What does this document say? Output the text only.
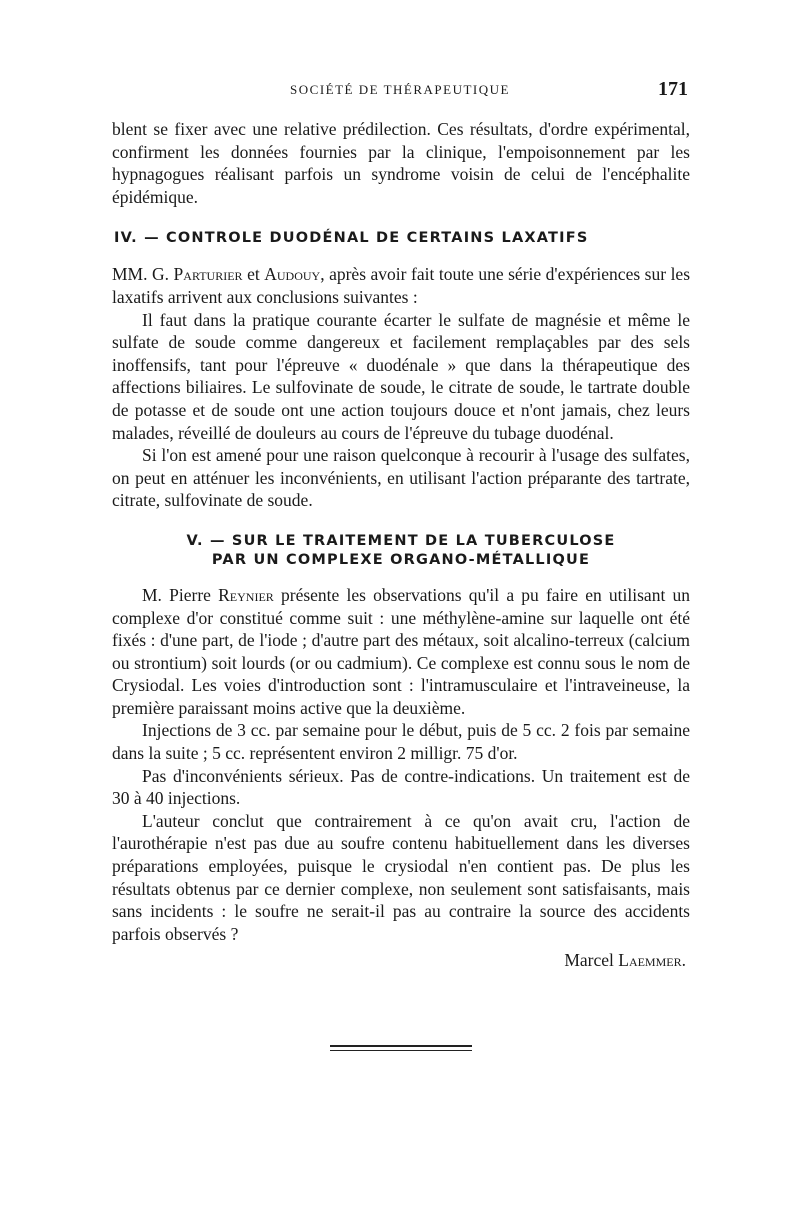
SOCIÉTÉ DE THÉRAPEUTIQUE	171

blent se fixer avec une relative prédilection. Ces résultats, d'ordre expérimental, confirment les données fournies par la clinique, l'empoisonnement par les hypnagogues réalisant parfois un syndrome voisin de celui de l'encéphalite épidémique.

IV. — CONTROLE DUODÉNAL DE CERTAINS LAXATIFS

MM. G. Parturier et Audouy, après avoir fait toute une série d'expériences sur les laxatifs arrivent aux conclusions suivantes :

Il faut dans la pratique courante écarter le sulfate de magnésie et même le sulfate de soude comme dangereux et facilement remplaçables par des sels inoffensifs, tant pour l'épreuve « duodénale » que dans la thérapeutique des affections biliaires. Le sulfovinate de soude, le citrate de soude, le tartrate double de potasse et de soude ont une action toujours douce et n'ont jamais, chez leurs malades, réveillé de douleurs au cours de l'épreuve du tubage duodénal.

Si l'on est amené pour une raison quelconque à recourir à l'usage des sulfates, on peut en atténuer les inconvénients, en utilisant l'action préparante des tartrate, citrate, sulfovinate de soude.

V. — SUR LE TRAITEMENT DE LA TUBERCULOSE
PAR UN COMPLEXE ORGANO-MÉTALLIQUE

M. Pierre Reynier présente les observations qu'il a pu faire en utilisant un complexe d'or constitué comme suit : une méthylène-amine sur laquelle ont été fixés : d'une part, de l'iode ; d'autre part des métaux, soit alcalino-terreux (calcium ou strontium) soit lourds (or ou cadmium). Ce complexe est connu sous le nom de Crysiodal. Les voies d'introduction sont : l'intramusculaire et l'intraveineuse, la première paraissant moins active que la deuxième.

Injections de 3 cc. par semaine pour le début, puis de 5 cc. 2 fois par semaine dans la suite ; 5 cc. représentent environ 2 milligr. 75 d'or.

Pas d'inconvénients sérieux. Pas de contre-indications. Un traitement est de 30 à 40 injections.

L'auteur conclut que contrairement à ce qu'on avait cru, l'action de l'aurothérapie n'est pas due au soufre contenu habituellement dans les diverses préparations employées, puisque le crysiodal n'en contient pas. De plus les résultats obtenus par ce dernier complexe, non seulement sont satisfaisants, mais sans incidents : le soufre ne serait-il pas au contraire la source des accidents parfois observés ?

Marcel Laemmer.
